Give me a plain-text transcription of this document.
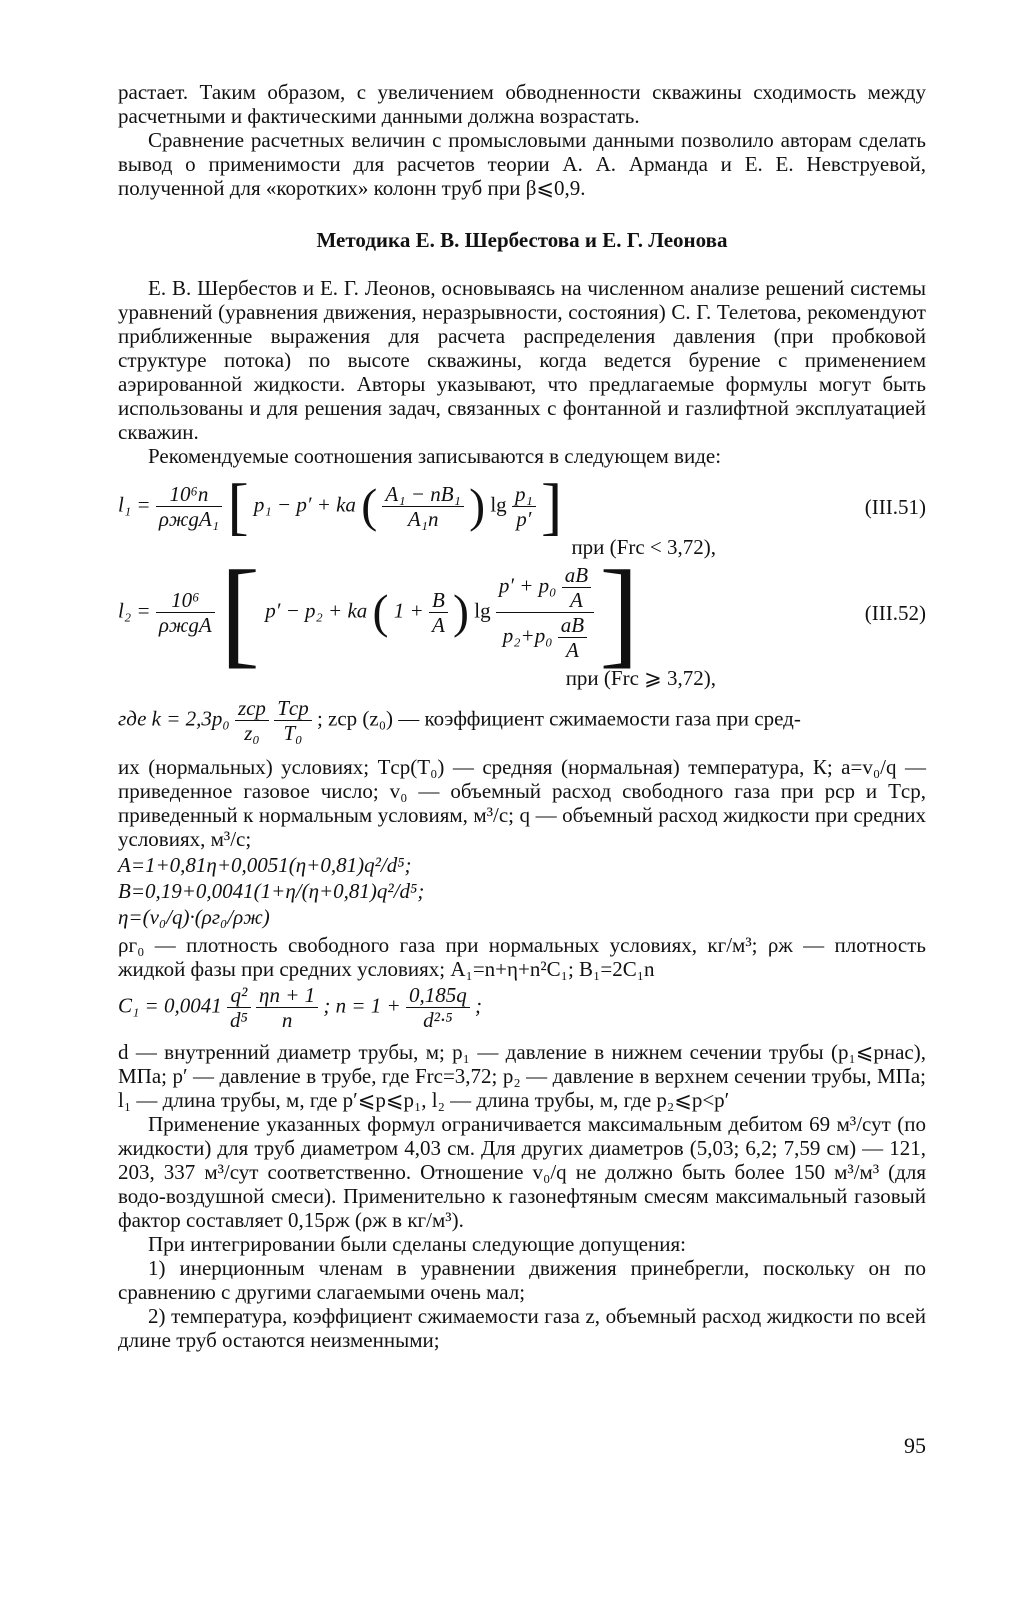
растает. Таким образом, с увеличением обводненности скважины сходимость между расчетными и фактическими данными должна возрастать.

Сравнение расчетных величин с промысловыми данными позволило авторам сделать вывод о применимости для расчетов теории А. А. Арманда и Е. Е. Невструевой, полученной для «коротких» колонн труб при β⩽0,9.

Методика Е. В. Шербестова и Е. Г. Леонова

Е. В. Шербестов и Е. Г. Леонов, основываясь на численном анализе решений системы уравнений (уравнения движения, неразрывности, состояния) С. Г. Телетова, рекомендуют приближенные выражения для расчета распределения давления (при пробковой структуре потока) по высоте скважины, когда ведется бурение с применением аэрированной жидкости. Авторы указывают, что предлагаемые формулы могут быть использованы и для решения задач, связанных с фонтанной и газлифтной эксплуатацией скважин.

Рекомендуемые соотношения записываются в следующем виде:

$l_1 = \frac{\text{10⁶n}}{\text{ρжgA₁}}$ [ p₁ − p′ + ka ( $\frac{\text{A₁ − nB₁}}{\text{A₁n}}$ ) $\lg \frac{\text{p₁}}{p'}$ ]	(III.51)
при (Frс < 3,72),
$l_2 = \frac{\text{10⁶}}{\text{ρжgA}}$ [ p′ − p₂ + ka ( $1 + \frac{B}{A}$ ) $\lg \frac{p' + p_0 \frac{aB}{A}}{p_2+p_0 \frac{aB}{A}}$ ]	(III.52)
при (Frс ⩾ 3,72),
где $k = 2,3p_0 \frac{\text{zср}}{\text{z₀}}$
$\frac{\text{Tср}}{\text{T₀}}$ ; zср (z₀) — коэффициент сжимаемости газа при сред-

их (нормальных) условиях; Tср(T₀) — средняя (нормальная) температура, К; a=v₀/q — приведенное газовое число; v₀ — объемный расход свободного газа при pср и Tср, приведенный к нормальным условиям, м³/с; q — объемный расход жидкости при средних условиях, м³/с;

A=1+0,81η+0,0051(η+0,81)q²/d⁵;
B=0,19+0,0041(1+η/(η+0,81)q²/d⁵;
η=(v₀/q)·(ρг₀/ρж)

ρг₀ — плотность свободного газа при нормальных условиях, кг/м³; ρж — плотность жидкой фазы при средних условиях; A₁=n+η+n²C₁; B₁=2C₁n

$C_1 = 0,0041 \frac{\text{q²}}{\text{d⁵}}$
$\frac{\eta n + 1}{n}$ ; $n = 1 + \frac{0,185q}{\text{d²·⁵}}$ ;

d — внутренний диаметр трубы, м; p₁ — давление в нижнем сечении трубы (p₁⩽pнас), МПа; p′ — давление в трубе, где Frс=3,72; p₂ — давление в верхнем сечении трубы, МПа; l₁ — длина трубы, м, где p′⩽p⩽p₁, l₂ — длина трубы, м, где p₂⩽p<p′

Применение указанных формул ограничивается максимальным дебитом 69 м³/сут (по жидкости) для труб диаметром 4,03 см. Для других диаметров (5,03; 6,2; 7,59 см) — 121, 203, 337 м³/сут соответственно. Отношение v₀/q не должно быть более 150 м³/м³ (для водо-воздушной смеси). Применительно к газонефтяным смесям максимальный газовый фактор составляет 0,15ρж (ρж в кг/м³).

При интегрировании были сделаны следующие допущения:

1) инерционным членам в уравнении движения принебрегли, поскольку он по сравнению с другими слагаемыми очень мал;

2) температура, коэффициент сжимаемости газа z, объемный расход жидкости по всей длине труб остаются неизменными;

95
